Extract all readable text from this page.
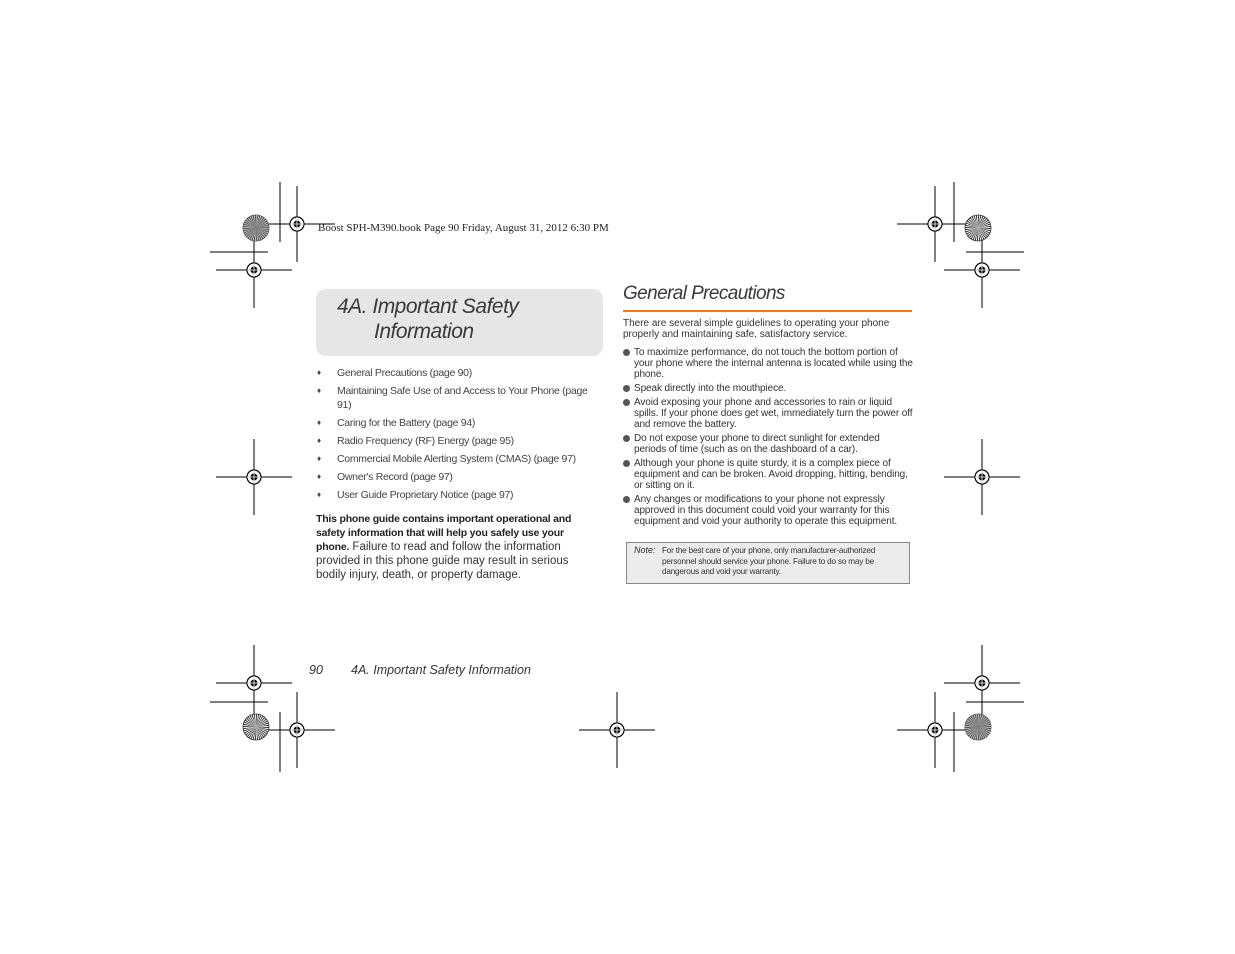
Boost SPH-M390.book Page 90 Friday, August 31, 2012 6:30 PM
4A. Important Safety
Information
♦ General Precautions (page 90)
♦ Maintaining Safe Use of and Access to Your Phone (page 91)
♦ Caring for the Battery (page 94)
♦ Radio Frequency (RF) Energy (page 95)
♦ Commercial Mobile Alerting System (CMAS) (page 97)
♦ Owner's Record (page 97)
♦ User Guide Proprietary Notice (page 97)
This phone guide contains important operational and safety information that will help you safely use your phone. Failure to read and follow the information provided in this phone guide may result in serious bodily injury, death, or property damage.
General Precautions
There are several simple guidelines to operating your phone properly and maintaining safe, satisfactory service.
To maximize performance, do not touch the bottom portion of your phone where the internal antenna is located while using the phone.
Speak directly into the mouthpiece.
Avoid exposing your phone and accessories to rain or liquid spills. If your phone does get wet, immediately turn the power off and remove the battery.
Do not expose your phone to direct sunlight for extended periods of time (such as on the dashboard of a car).
Although your phone is quite sturdy, it is a complex piece of equipment and can be broken. Avoid dropping, hitting, bending, or sitting on it.
Any changes or modifications to your phone not expressly approved in this document could void your warranty for this equipment and void your authority to operate this equipment.
Note: For the best care of your phone, only manufacturer-authorized personnel should service your phone. Failure to do so may be dangerous and void your warranty.
90 4A. Important Safety Information
